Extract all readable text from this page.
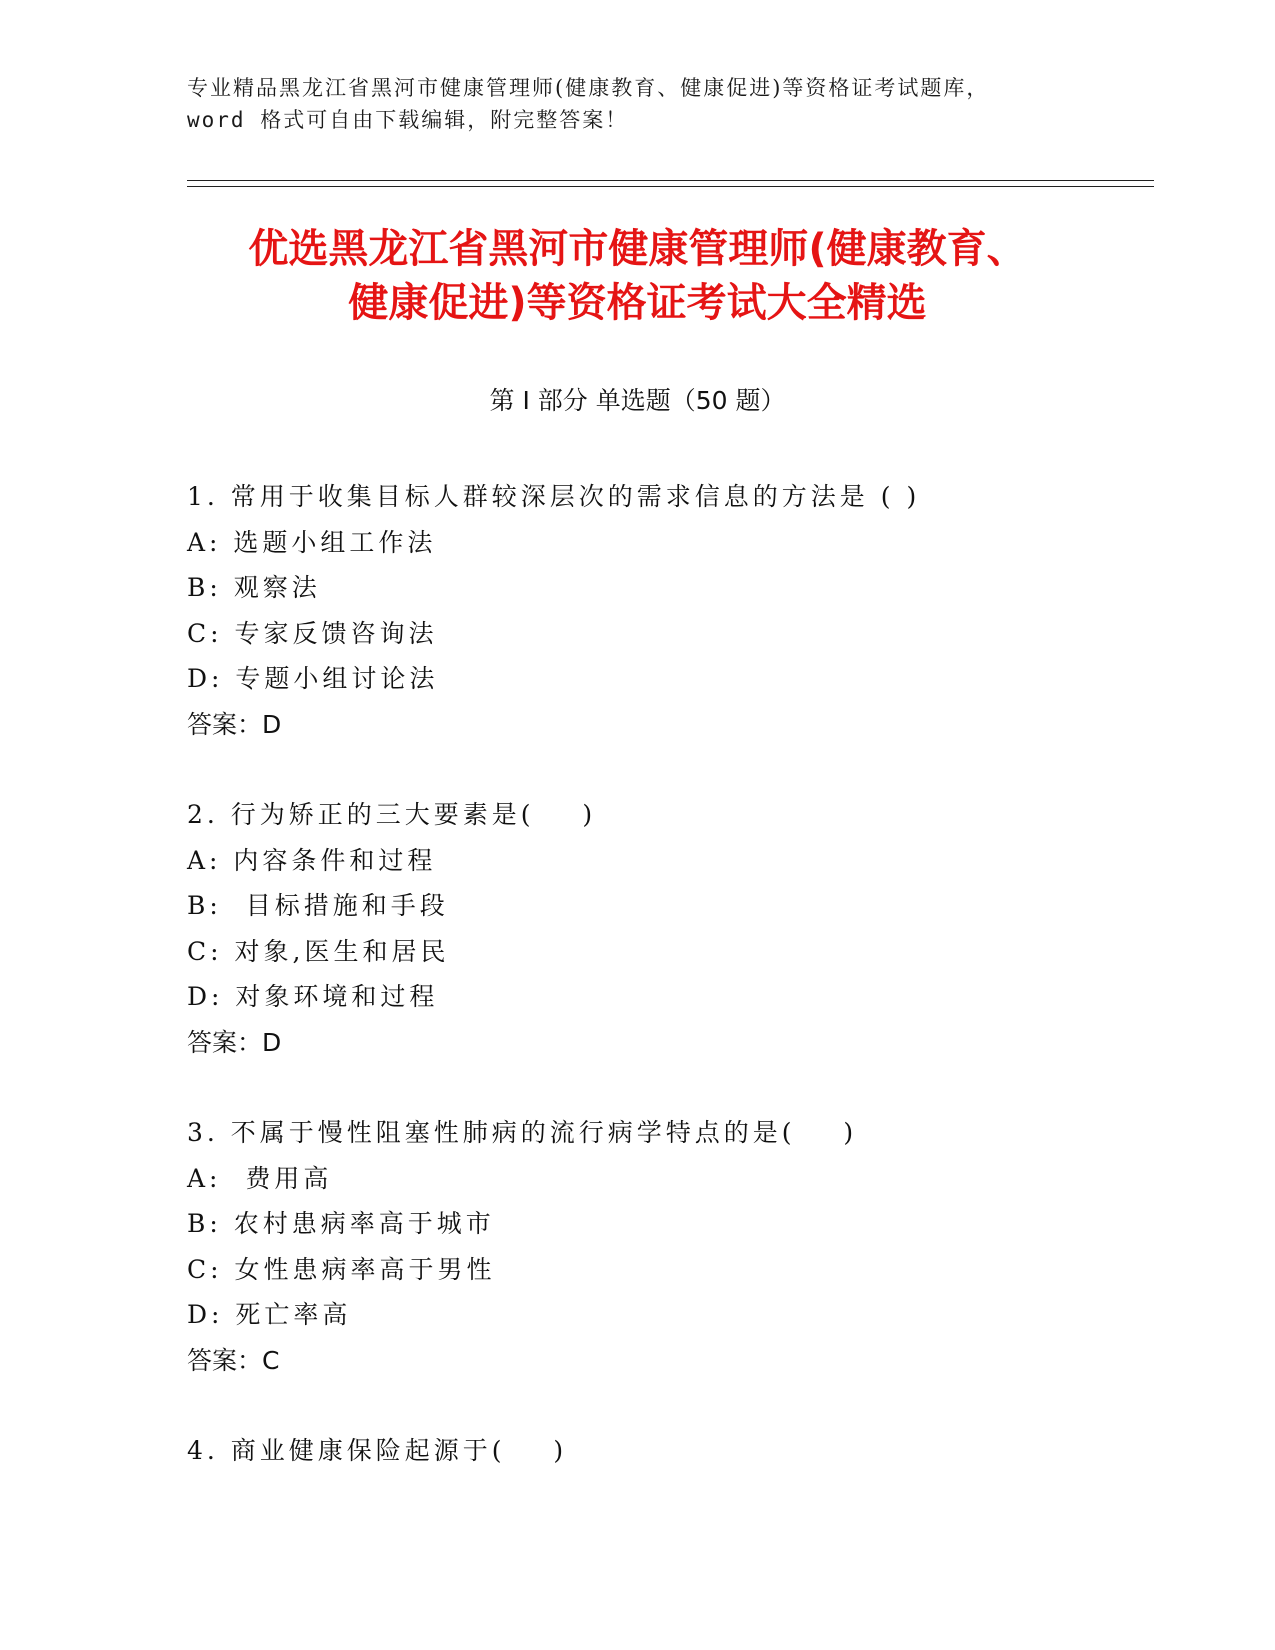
专业精品黑龙江省黑河市健康管理师(健康教育、健康促进)等资格证考试题库，
word 格式可自由下载编辑，附完整答案！
优选黑龙江省黑河市健康管理师(健康教育、
健康促进)等资格证考试大全精选
第 I 部分 单选题（50 题）
1. 常用于收集目标人群较深层次的需求信息的方法是 ( )
A: 选题小组工作法
B: 观察法
C: 专家反馈咨询法
D: 专题小组讨论法
答案：D
2. 行为矫正的三大要素是(    )
A: 内容条件和过程
B:  目标措施和手段
C: 对象,医生和居民
D: 对象环境和过程
答案：D
3. 不属于慢性阻塞性肺病的流行病学特点的是(    )
A:  费用高
B: 农村患病率高于城市
C: 女性患病率高于男性
D: 死亡率高
答案：C
4. 商业健康保险起源于(    )
